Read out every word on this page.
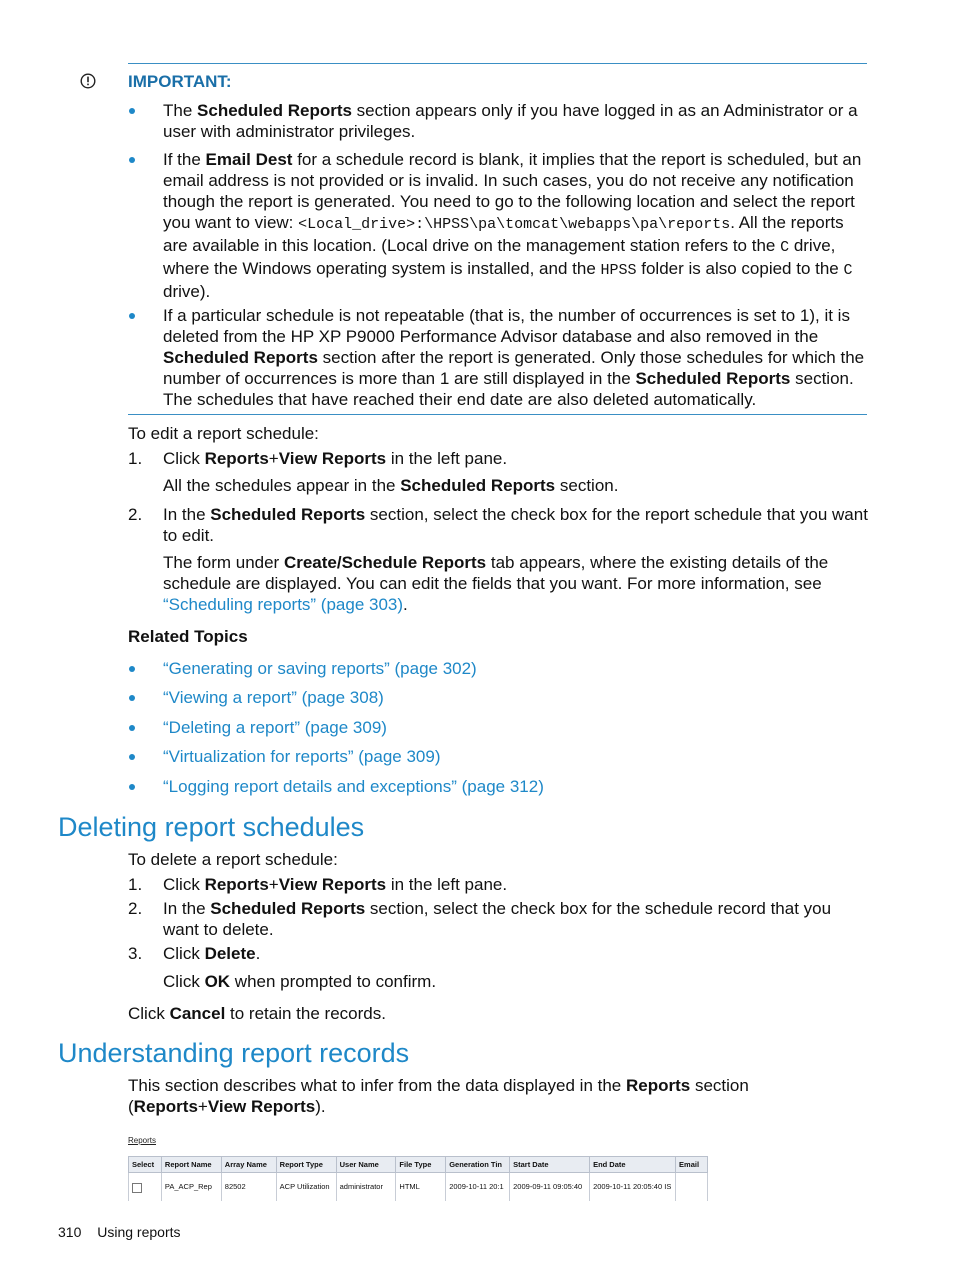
IMPORTANT:
The Scheduled Reports section appears only if you have logged in as an Administrator or a user with administrator privileges.
If the Email Dest for a schedule record is blank, it implies that the report is scheduled, but an email address is not provided or is invalid. In such cases, you do not receive any notification though the report is generated. You need to go to the following location and select the report you want to view: <Local_drive>:\HPSS\pa\tomcat\webapps\pa\reports. All the reports are available in this location. (Local drive on the management station refers to the C drive, where the Windows operating system is installed, and the HPSS folder is also copied to the C drive).
If a particular schedule is not repeatable (that is, the number of occurrences is set to 1), it is deleted from the HP XP P9000 Performance Advisor database and also removed in the Scheduled Reports section after the report is generated. Only those schedules for which the number of occurrences is more than 1 are still displayed in the Scheduled Reports section. The schedules that have reached their end date are also deleted automatically.
To edit a report schedule:
1. Click Reports+View Reports in the left pane.
All the schedules appear in the Scheduled Reports section.
2. In the Scheduled Reports section, select the check box for the report schedule that you want to edit.
The form under Create/Schedule Reports tab appears, where the existing details of the schedule are displayed. You can edit the fields that you want. For more information, see “Scheduling reports” (page 303).
Related Topics
“Generating or saving reports” (page 302)
“Viewing a report” (page 308)
“Deleting a report” (page 309)
“Virtualization for reports” (page 309)
“Logging report details and exceptions” (page 312)
Deleting report schedules
To delete a report schedule:
1. Click Reports+View Reports in the left pane.
2. In the Scheduled Reports section, select the check box for the schedule record that you want to delete.
3. Click Delete.
Click OK when prompted to confirm.
Click Cancel to retain the records.
Understanding report records
This section describes what to infer from the data displayed in the Reports section (Reports+View Reports).
Reports
Select	Report Name	Array Name	Report Type	User Name	File Type	Generation Tin	Start Date	End Date	Email
	PA_ACP_Rep	82502	ACP Utilization	administrator	HTML	2009-10-11 20:1	2009-09-11 09:05:40	2009-10-11 20:05:40 IS	
310 Using reports
